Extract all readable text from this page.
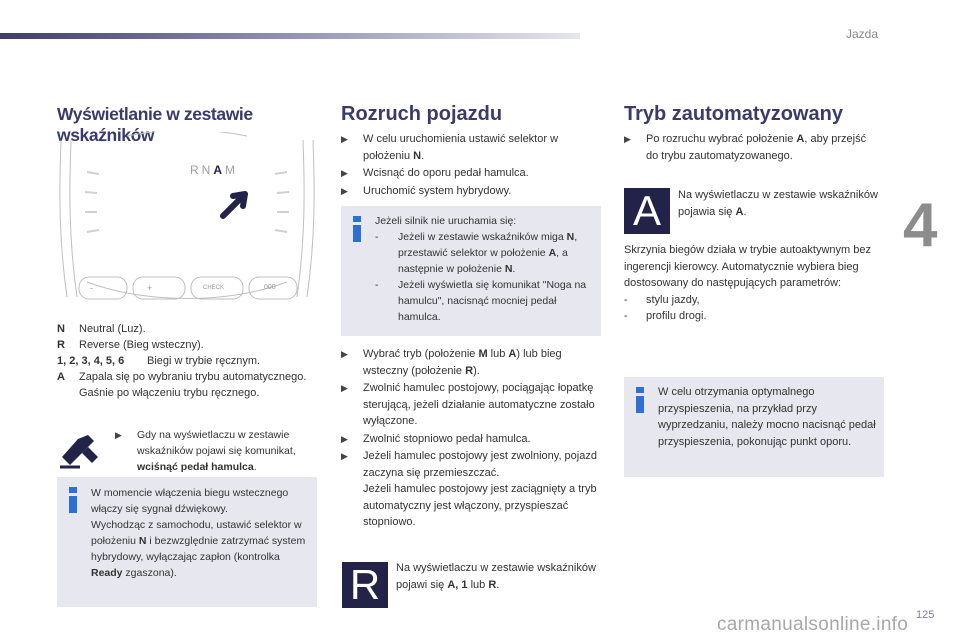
Jazda
4
Wyświetlanie w zestawie wskaźników
RNAM
-	+	CHECK	000
N Neutral (Luz).
R Reverse (Bieg wsteczny).
1, 2, 3, 4, 5, 6 Biegi w trybie ręcznym.
A Zapala się po wybraniu trybu automatycznego. Gaśnie po włączeniu trybu ręcznego.
▶ Gdy na wyświetlaczu w zestawie wskaźników pojawi się komunikat, wciśnąć pedał hamulca.

W momencie włączenia biegu wstecznego włączy się sygnał dźwiękowy.

Wychodząc z samochodu, ustawić selektor w położeniu N i bezwzględnie zatrzymać system hybrydowy, wyłączając zapłon (kontrolka Ready zgaszona).

Rozruch pojazdu
▶ W celu uruchomienia ustawić selektor w położeniu N.
▶ Wcisnąć do oporu pedał hamulca.
▶ Uruchomić system hybrydowy.

Jeżeli silnik nie uruchamia się:

- Jeżeli w zestawie wskaźników miga N, przestawić selektor w położenie A, a następnie w położenie N.
- Jeżeli wyświetla się komunikat "Noga na hamulcu", nacisnąć mocniej pedał hamulca.
▶ Wybrać tryb (położenie M lub A) lub bieg wsteczny (położenie R).
▶ Zwolnić hamulec postojowy, pociągając łopatkę sterującą, jeżeli działanie automatyczne zostało wyłączone.
▶ Zwolnić stopniowo pedał hamulca.
▶ Jeżeli hamulec postojowy jest zwolniony, pojazd zaczyna się przemieszczać.
Jeżeli hamulec postojowy jest zaciągnięty a tryb automatyczny jest włączony, przyspieszać stopniowo.
R	Na wyświetlaczu w zestawie wskaźników pojawi się A, 1 lub R.

Tryb zautomatyzowany
▶ Po rozruchu wybrać położenie A, aby przejść do trybu zautomatyzowanego.
A	Na wyświetlaczu w zestawie wskaźników pojawia się A.

Skrzynia biegów działa w trybie autoaktywnym bez ingerencji kierowcy. Automatycznie wybiera bieg dostosowany do następujących parametrów:

- stylu jazdy,
- profilu drogi.

W celu otrzymania optymalnego przyspieszenia, na przykład przy wyprzedzaniu, należy mocno nacisnąć pedał przyspieszenia, pokonując punkt oporu.

125
carmanualsonline.info
